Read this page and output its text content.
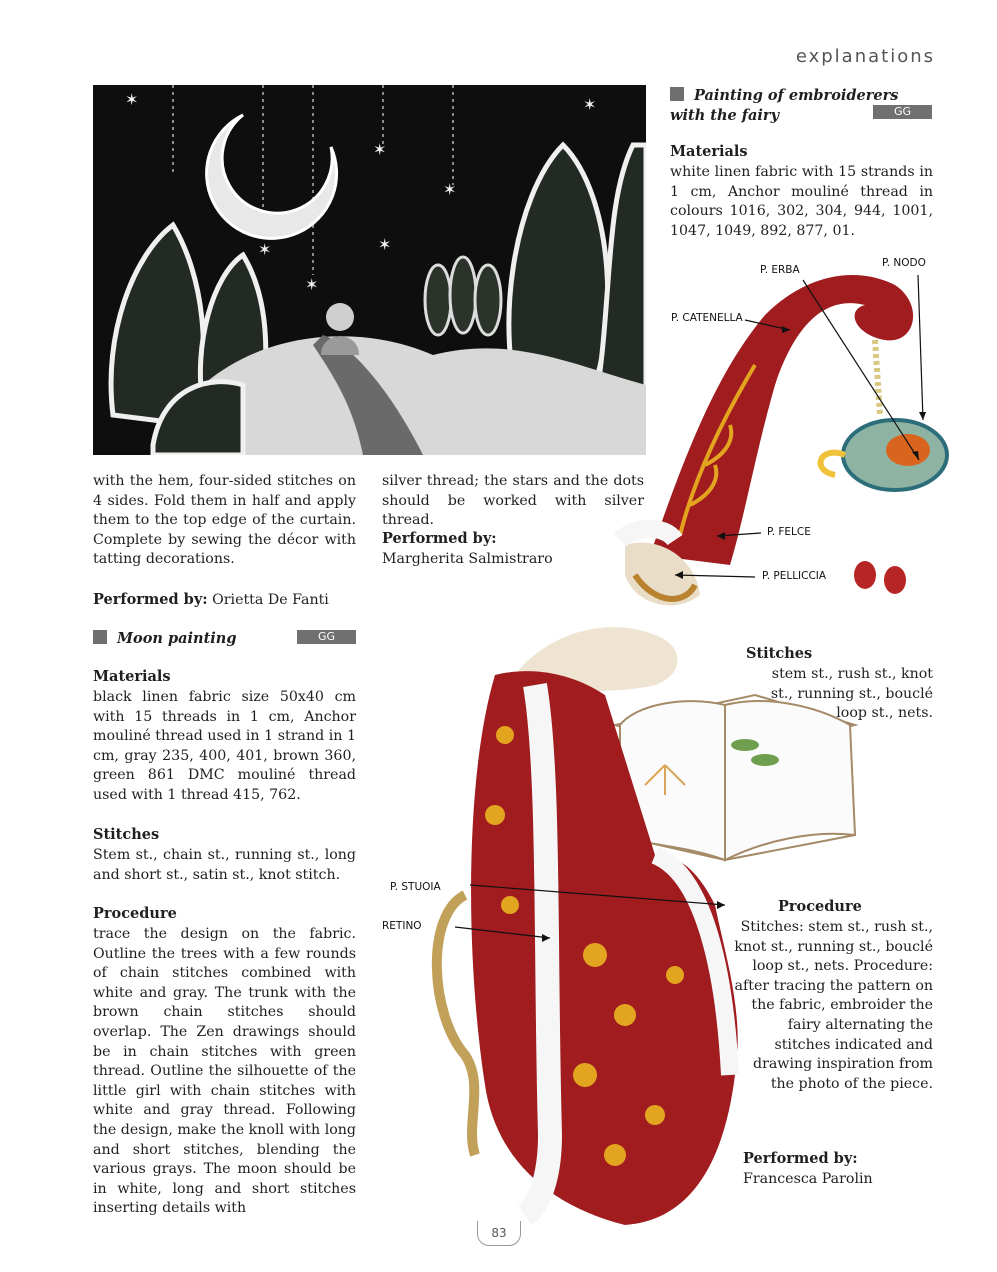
explanations
✶
✶
✶
✶
✶
✶
✶
with the hem, four-sided stitches on 4 sides. Fold them in half and apply them to the top edge of the curtain. Complete by sewing the décor with tatting decorations.
Performed by: Orietta De Fanti
Moon painting	GG
Materials
black linen fabric size 50x40 cm with 15 threads in 1 cm, Anchor mouliné thread used in 1 strand in 1 cm, gray 235, 400, 401, brown 360, green 861 DMC mouliné thread used with 1 thread 415, 762.
Stitches
Stem st., chain st., running st., long and short st., satin st., knot stitch.
Procedure
trace the design on the fabric. Outline the trees with a few rounds of chain stitches combined with white and gray. The trunk with the brown chain stitches should overlap. The Zen drawings should be in chain stitches with green thread. Outline the silhouette of the little girl with chain stitches with white and gray thread. Following the design, make the knoll with long and short stitches, blending the various grays. The moon should be in white, long and short stitches inserting details with
silver thread; the stars and the dots should be worked with silver thread.
Performed by:
Margherita Salmistraro
Painting of embroiderers with the fairy	GG
Materials
white linen fabric with 15 strands in 1 cm, Anchor mouliné thread in colours 1016, 302, 304, 944, 1001, 1047, 1049, 892, 877, 01.
P. ERBA
P. NODO
P. CATENELLA
P. FELCE
P. PELLICCIA
P. STUOIA
RETINO
Stitches
stem st., rush st., knot st., running st., bouclé loop st., nets.
Procedure
Stitches: stem st., rush st., knot st., running st., bouclé loop st., nets. Procedure: after tracing the pattern on the fabric, embroider the fairy alternating the stitches indicated and drawing inspiration from the photo of the piece.
Performed by:
Francesca Parolin
83
